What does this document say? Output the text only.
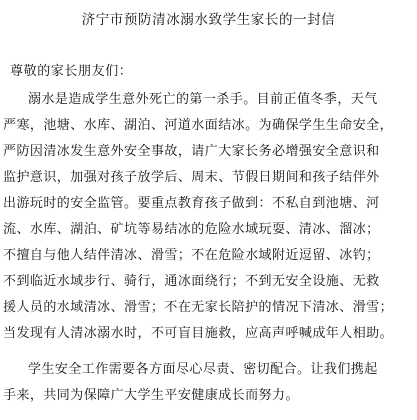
济宁市预防清冰溺水致学生家长的一封信
尊敬的家长朋友们：
溺水是造成学生意外死亡的第一杀手。目前正值冬季，天气
严寒，池塘、水库、湖泊、河道水面结冰。为确保学生生命安全，
严防因清冰发生意外安全事故，请广大家长务必增强安全意识和
监护意识，加强对孩子放学后、周末、节假日期间和孩子结伴外
出游玩时的安全监管。要重点教育孩子做到：不私自到池塘、河
流、水库、湖泊、矿坑等易结冰的危险水域玩耍、清冰、溜冰；
不擅自与他人结伴清冰、滑雪；不在危险水域附近逗留、冰钓；
不到临近水域步行、骑行，通冰面绕行；不到无安全设施、无救
援人员的水域清冰、滑雪；不在无家长陪护的情况下清冰、滑雪；
当发现有人清冰溺水时，不可盲目施救，应高声呼喊成年人相助。
学生安全工作需要各方面尽心尽责、密切配合。让我们携起
手来，共同为保障广大学生平安健康成长而努力。
